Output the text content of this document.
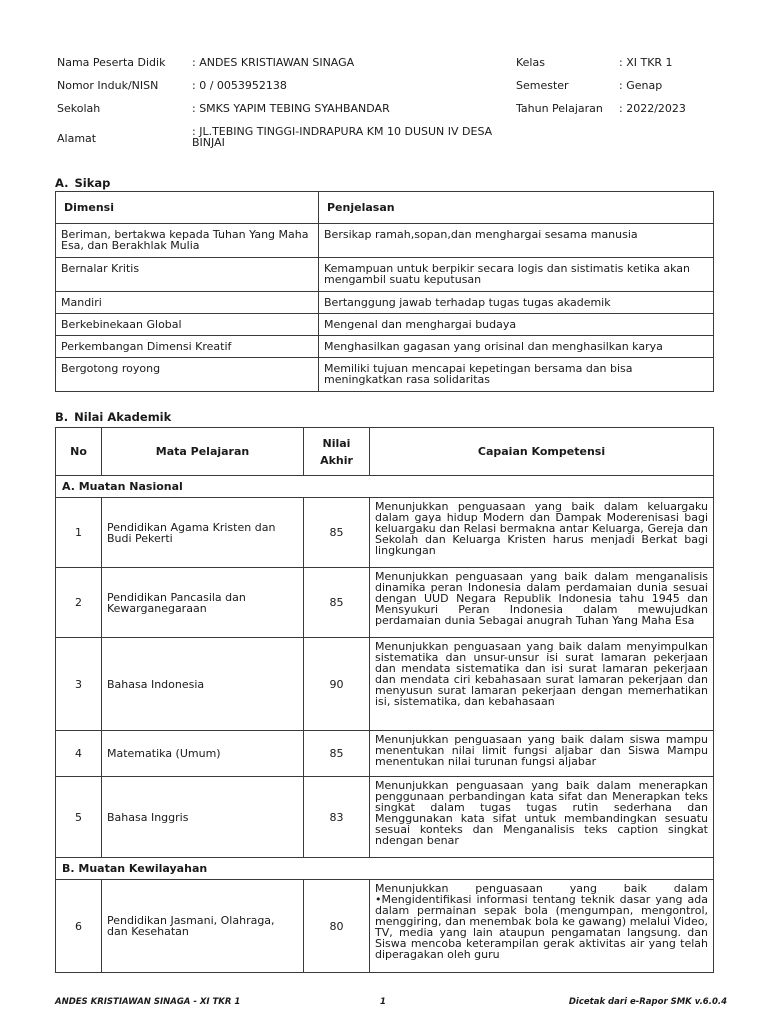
Nama Peserta Didik : ANDES KRISTIAWAN SINAGA	Kelas	: XI TKR 1
Nomor Induk/NISN	: 0 / 0053952138	Semester	: Genap
Sekolah	: SMKS YAPIM TEBING SYAHBANDAR	Tahun Pelajaran : 2022/2023
Alamat
: JL.TEBING TINGGI-INDRAPURA KM 10 DUSUN IV DESA BINJAI
A. Sikap
Dimensi	Penjelasan
Beriman, bertakwa kepada Tuhan Yang Maha Esa, dan Berakhlak Mulia	Bersikap ramah,sopan,dan menghargai sesama manusia
Bernalar Kritis	Kemampuan untuk berpikir secara logis dan sistimatis ketika akan mengambil suatu keputusan
Mandiri	Bertanggung jawab terhadap tugas tugas akademik
Berkebinekaan Global	Mengenal dan menghargai budaya
Perkembangan Dimensi Kreatif	Menghasilkan gagasan yang orisinal dan menghasilkan karya
Bergotong royong	Memiliki tujuan mencapai kepetingan bersama dan bisa meningkatkan rasa solidaritas
B. Nilai Akademik
No	Mata Pelajaran	Nilai Akhir	Capaian Kompetensi
A. Muatan Nasional			
1	Pendidikan Agama Kristen dan Budi Pekerti	85	Menunjukkan penguasaan yang baik dalam keluargaku dalam gaya hidup Modern dan Dampak Moderenisasi bagi keluargaku dan Relasi bermakna antar Keluarga, Gereja dan Sekolah dan Keluarga Kristen harus menjadi Berkat bagi lingkungan
2	Pendidikan Pancasila dan Kewarganegaraan	85	Menunjukkan penguasaan yang baik dalam menganalisis dinamika peran Indonesia dalam perdamaian dunia sesuai dengan UUD Negara Republik Indonesia tahu 1945 dan Mensyukuri Peran Indonesia dalam mewujudkan perdamaian dunia Sebagai anugrah Tuhan Yang Maha Esa
3	Bahasa Indonesia	90	Menunjukkan penguasaan yang baik dalam menyimpulkan sistematika dan unsur-unsur isi surat lamaran pekerjaan dan mendata sistematika dan isi surat lamaran pekerjaan dan mendata ciri kebahasaan surat lamaran pekerjaan dan menyusun surat lamaran pekerjaan dengan memerhatikan isi, sistematika, dan kebahasaan
4	Matematika (Umum)	85	Menunjukkan penguasaan yang baik dalam siswa mampu menentukan nilai limit fungsi aljabar dan Siswa Mampu menentukan nilai turunan fungsi aljabar
5	Bahasa Inggris	83	Menunjukkan penguasaan yang baik dalam menerapkan penggunaan perbandingan kata sifat dan Menerapkan teks singkat dalam tugas tugas rutin sederhana dan Menggunakan kata sifat untuk membandingkan sesuatu sesuai konteks dan Menganalisis teks caption singkat ndengan benar
B. Muatan Kewilayahan			
6	Pendidikan Jasmani, Olahraga, dan Kesehatan	80	Menunjukkan penguasaan yang baik dalam •Mengidentifikasi informasi tentang teknik dasar yang ada dalam permainan sepak bola (mengumpan, mengontrol, menggiring, dan menembak bola ke gawang) melalui Video, TV, media yang lain ataupun pengamatan langsung. dan Siswa mencoba keterampilan gerak aktivitas air yang telah diperagakan oleh guru
ANDES KRISTIAWAN SINAGA - XI TKR 1	1	Dicetak dari e-Rapor SMK v.6.0.4
